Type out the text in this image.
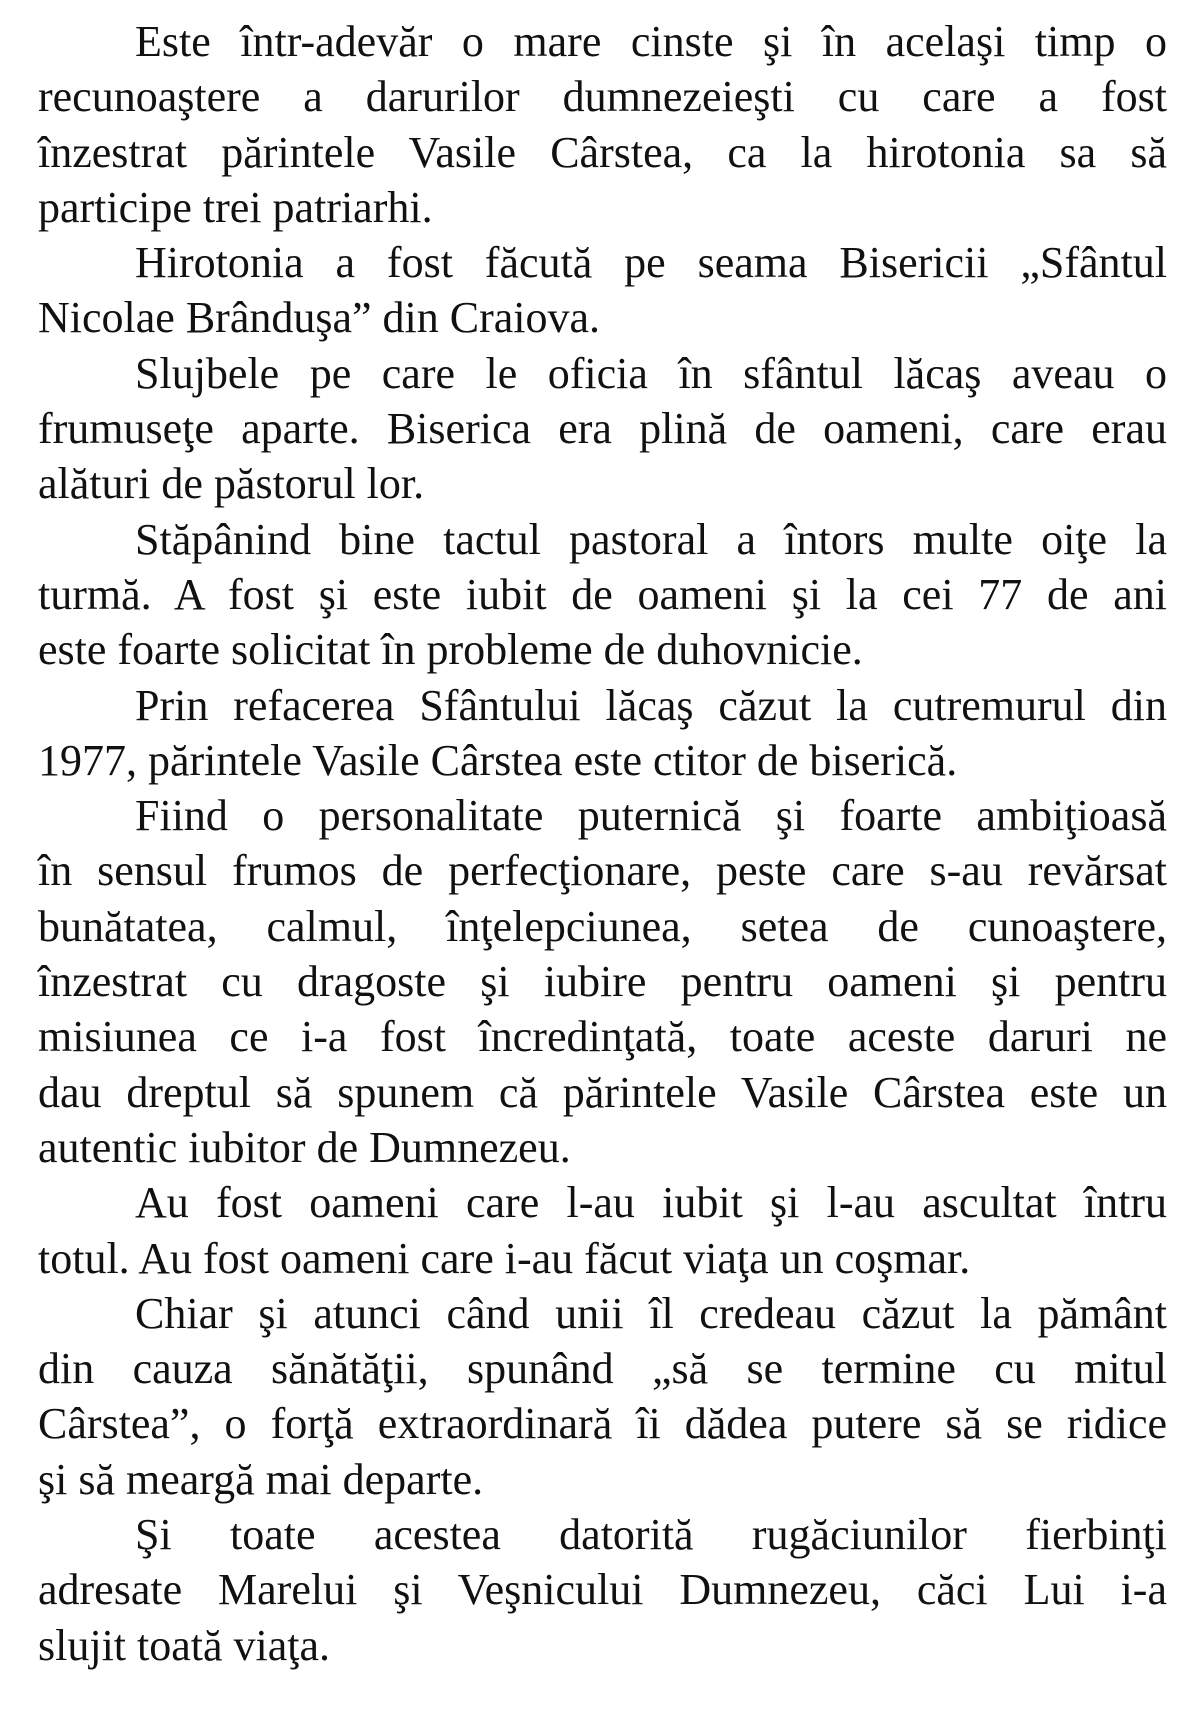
Este într-adevăr o mare cinste şi în acelaşi timp o
recunoaştere a darurilor dumnezeieşti cu care a fost
înzestrat părintele Vasile Cârstea, ca la hirotonia sa să
participe trei patriarhi.
Hirotonia a fost făcută pe seama Bisericii „Sfântul
Nicolae Brânduşa” din Craiova.
Slujbele pe care le oficia în sfântul lăcaş aveau o
frumuseţe aparte. Biserica era plină de oameni, care erau
alături de păstorul lor.
Stăpânind bine tactul pastoral a întors multe oiţe la
turmă. A fost şi este iubit de oameni şi la cei 77 de ani
este foarte solicitat în probleme de duhovnicie.
Prin refacerea Sfântului lăcaş căzut la cutremurul din
1977, părintele Vasile Cârstea este ctitor de biserică.
Fiind o personalitate puternică şi foarte ambiţioasă
în sensul frumos de perfecţionare, peste care s-au revărsat
bunătatea, calmul, înţelepciunea, setea de cunoaştere,
înzestrat cu dragoste şi iubire pentru oameni şi pentru
misiunea ce i-a fost încredinţată, toate aceste daruri ne
dau dreptul să spunem că părintele Vasile Cârstea este un
autentic iubitor de Dumnezeu.
Au fost oameni care l-au iubit şi l-au ascultat întru
totul. Au fost oameni care i-au făcut viaţa un coşmar.
Chiar şi atunci când unii îl credeau căzut la pământ
din cauza sănătăţii, spunând „să se termine cu mitul
Cârstea”, o forţă extraordinară îi dădea putere să se ridice
şi să meargă mai departe.
Şi toate acestea datorită rugăciunilor fierbinţi
adresate Marelui şi Veşnicului Dumnezeu, căci Lui i-a
slujit toată viaţa.
